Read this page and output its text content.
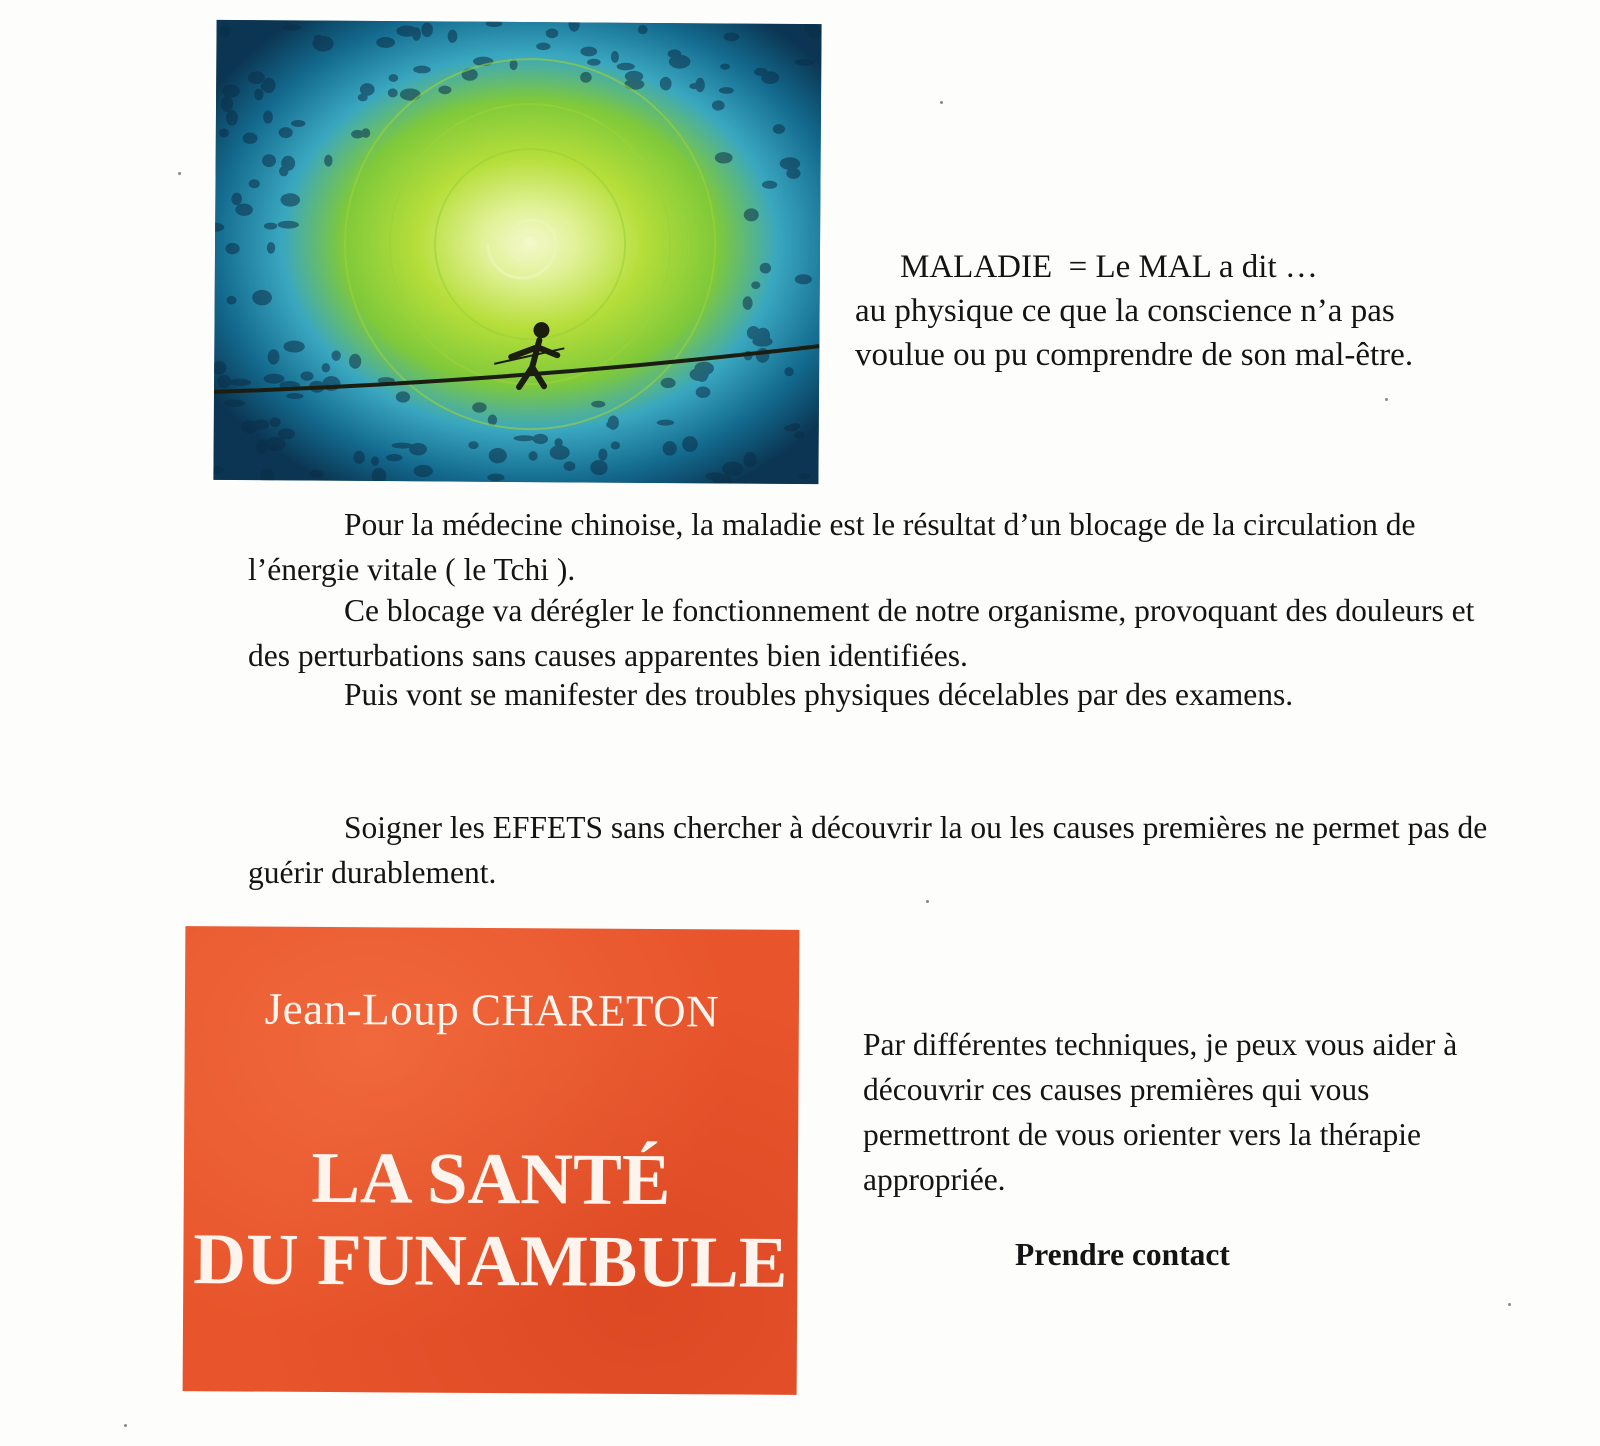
MALADIE  = Le MAL a dit …
au physique ce que la conscience n’a pas voulue ou pu comprendre de son mal-être.
Pour la médecine chinoise, la maladie est le résultat d’un blocage de la circulation de l’énergie vitale ( le Tchi ).
Ce blocage va dérégler le fonctionnement de notre organisme, provoquant des douleurs et des perturbations sans causes apparentes bien identifiées.
Puis vont se manifester des troubles physiques décelables par des examens.
Soigner les EFFETS sans chercher à découvrir la ou les causes premières ne permet pas de guérir durablement.
Jean-Loup CHARETON
LA SANTÉ
DU FUNAMBULE
Par différentes techniques, je peux vous aider à découvrir ces causes premières qui vous permettront de vous orienter vers la thérapie appropriée.
Prendre contact
